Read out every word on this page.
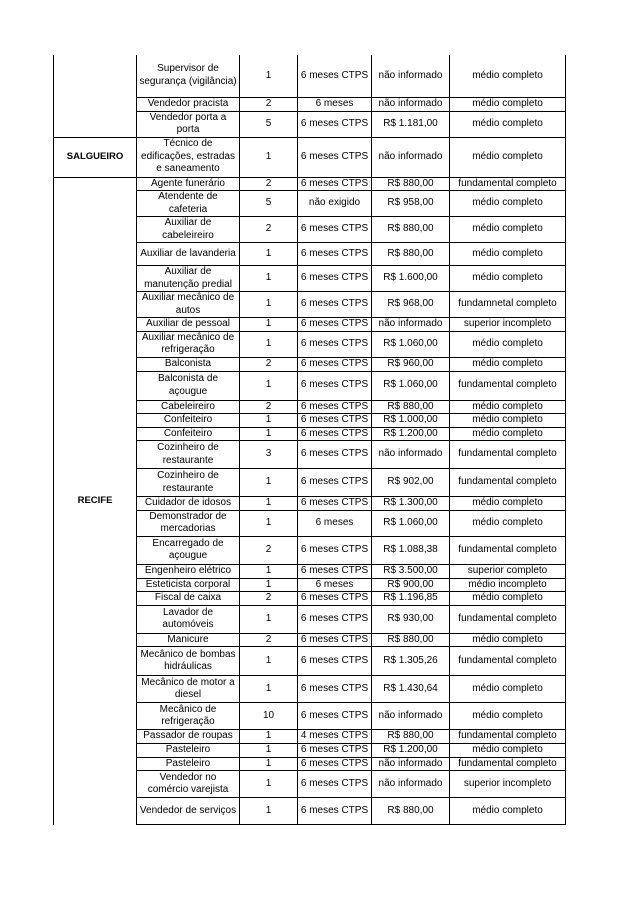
	Supervisor de segurança (vigilância)	1	6 meses CTPS	não informado	médio completo
	Vendedor pracista	2	6 meses	não informado	médio completo
	Vendedor porta a porta	5	6 meses CTPS	R$ 1.181,00	médio completo
SALGUEIRO	Técnico de edificações, estradas e saneamento	1	6 meses CTPS	não informado	médio completo
RECIFE	Agente funerário	2	6 meses CTPS	R$ 880,00	fundamental completo
	Atendente de cafeteria	5	não exigido	R$ 958,00	médio completo
	Auxiliar de cabeleireiro	2	6 meses CTPS	R$ 880,00	médio completo
	Auxiliar de lavanderia	1	6 meses CTPS	R$ 880,00	médio completo
	Auxiliar de manutenção predial	1	6 meses CTPS	R$ 1.600,00	médio completo
	Auxiliar mecânico de autos	1	6 meses CTPS	R$ 968,00	fundamnetal completo
	Auxiliar de pessoal	1	6 meses CTPS	não informado	superior incompleto
	Auxiliar mecânico de refrigeração	1	6 meses CTPS	R$ 1.060,00	médio completo
	Balconista	2	6 meses CTPS	R$ 960,00	médio completo
	Balconista de açougue	1	6 meses CTPS	R$ 1.060,00	fundamental completo
	Cabeleireiro	2	6 meses CTPS	R$ 880,00	médio completo
	Confeiteiro	1	6 meses CTPS	R$ 1.000,00	médio completo
	Confeiteiro	1	6 meses CTPS	R$ 1.200,00	médio completo
	Cozinheiro de restaurante	3	6 meses CTPS	não informado	fundamental completo
	Cozinheiro de restaurante	1	6 meses CTPS	R$ 902,00	fundamental completo
	Cuidador de idosos	1	6 meses CTPS	R$ 1.300,00	médio completo
	Demonstrador de mercadorias	1	6 meses	R$ 1.060,00	médio completo
	Encarregado de açougue	2	6 meses CTPS	R$ 1.088,38	fundamental completo
	Engenheiro elétrico	1	6 meses CTPS	R$ 3.500,00	superior completo
	Esteticista corporal	1	6 meses	R$ 900,00	médio incompleto
	Fiscal de caixa	2	6 meses CTPS	R$ 1.196,85	médio completo
	Lavador de automóveis	1	6 meses CTPS	R$ 930,00	fundamental completo
	Manicure	2	6 meses CTPS	R$ 880,00	médio completo
	Mecânico de bombas hidráulicas	1	6 meses CTPS	R$ 1.305,26	fundamental completo
	Mecânico de motor a diesel	1	6 meses CTPS	R$ 1.430,64	médio completo
	Mecânico de refrigeração	10	6 meses CTPS	não informado	médio completo
	Passador de roupas	1	4 meses CTPS	R$ 880,00	fundamental completo
	Pasteleiro	1	6 meses CTPS	R$ 1.200,00	médio completo
	Pasteleiro	1	6 meses CTPS	não informado	fundamental completo
	Vendedor no comércio varejista	1	6 meses CTPS	não informado	superior incompleto
	Vendedor de serviços	1	6 meses CTPS	R$ 880,00	médio completo
